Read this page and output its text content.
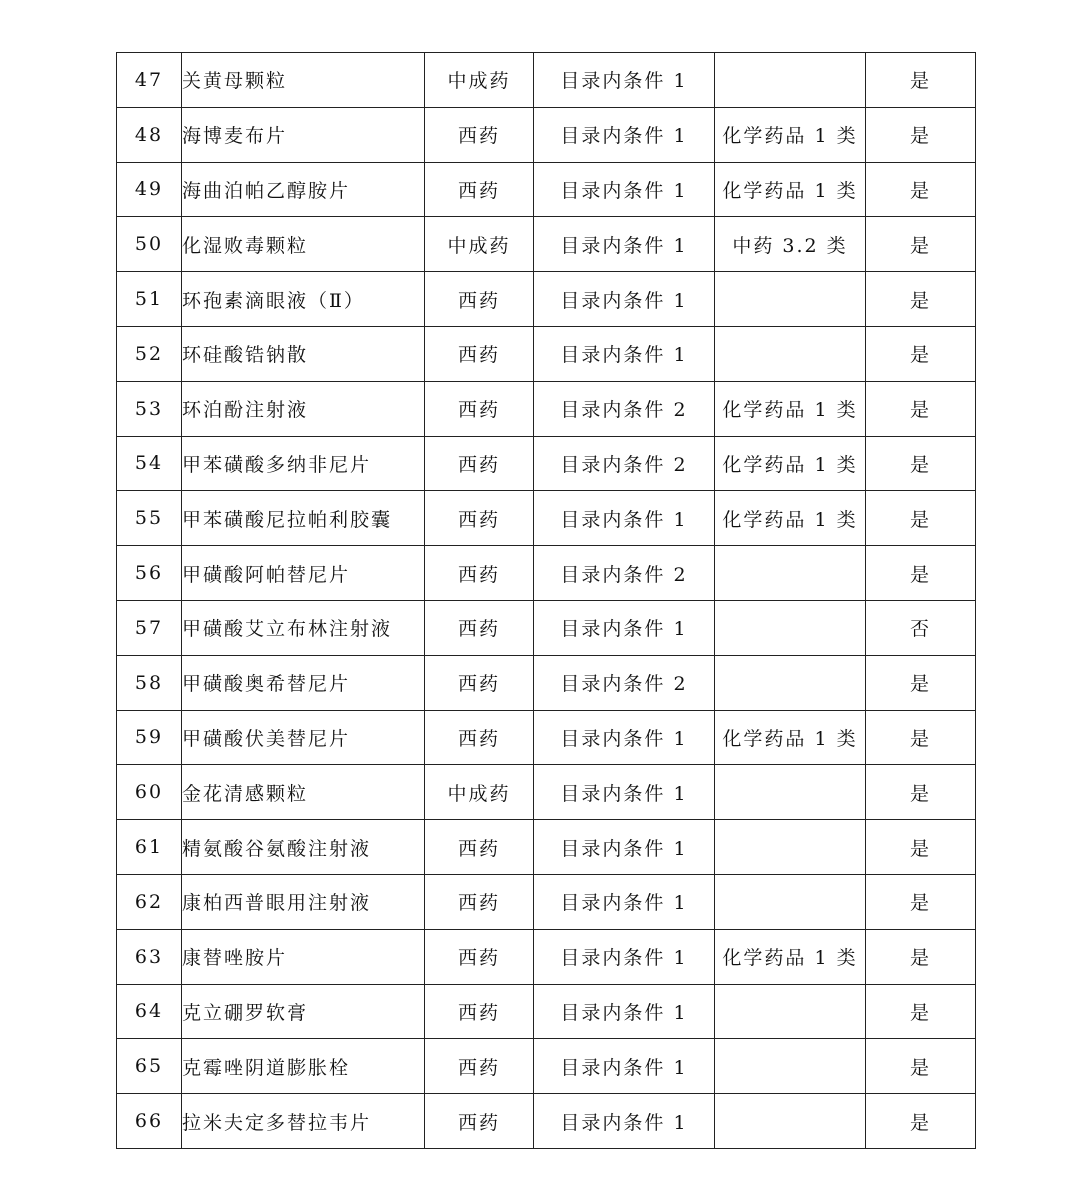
47	关黄母颗粒	中成药	目录内条件 1		是
48	海博麦布片	西药	目录内条件 1	化学药品 1 类	是
49	海曲泊帕乙醇胺片	西药	目录内条件 1	化学药品 1 类	是
50	化湿败毒颗粒	中成药	目录内条件 1	中药 3.2 类	是
51	环孢素滴眼液（Ⅱ）	西药	目录内条件 1		是
52	环硅酸锆钠散	西药	目录内条件 1		是
53	环泊酚注射液	西药	目录内条件 2	化学药品 1 类	是
54	甲苯磺酸多纳非尼片	西药	目录内条件 2	化学药品 1 类	是
55	甲苯磺酸尼拉帕利胶囊	西药	目录内条件 1	化学药品 1 类	是
56	甲磺酸阿帕替尼片	西药	目录内条件 2		是
57	甲磺酸艾立布林注射液	西药	目录内条件 1		否
58	甲磺酸奥希替尼片	西药	目录内条件 2		是
59	甲磺酸伏美替尼片	西药	目录内条件 1	化学药品 1 类	是
60	金花清感颗粒	中成药	目录内条件 1		是
61	精氨酸谷氨酸注射液	西药	目录内条件 1		是
62	康柏西普眼用注射液	西药	目录内条件 1		是
63	康替唑胺片	西药	目录内条件 1	化学药品 1 类	是
64	克立硼罗软膏	西药	目录内条件 1		是
65	克霉唑阴道膨胀栓	西药	目录内条件 1		是
66	拉米夫定多替拉韦片	西药	目录内条件 1		是
